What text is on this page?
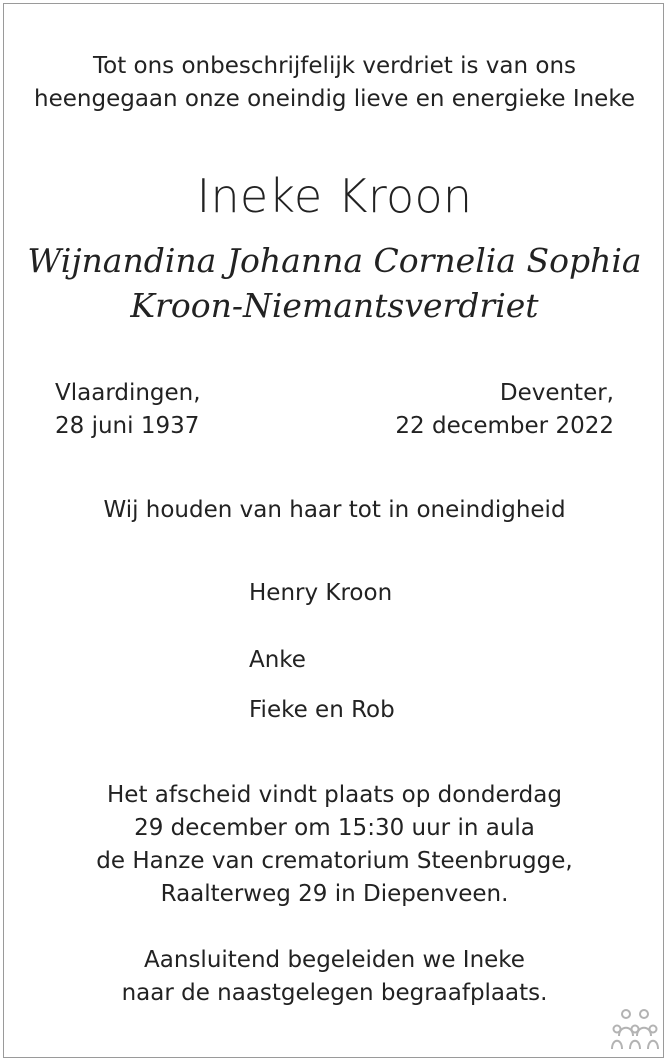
Tot ons onbeschrijfelijk verdriet is van ons
heengegaan onze oneindig lieve en energieke Ineke
Ineke Kroon
Wijnandina Johanna Cornelia Sophia
Kroon-Niemantsverdriet
Vlaardingen,
28 juni 1937
Deventer,
22 december 2022
Wij houden van haar tot in oneindigheid
Henry Kroon
Anke
Fieke en Rob
Het afscheid vindt plaats op donderdag
29 december om 15:30 uur in aula
de Hanze van crematorium Steenbrugge,
Raalterweg 29 in Diepenveen.
Aansluitend begeleiden we Ineke
naar de naastgelegen begraafplaats.
